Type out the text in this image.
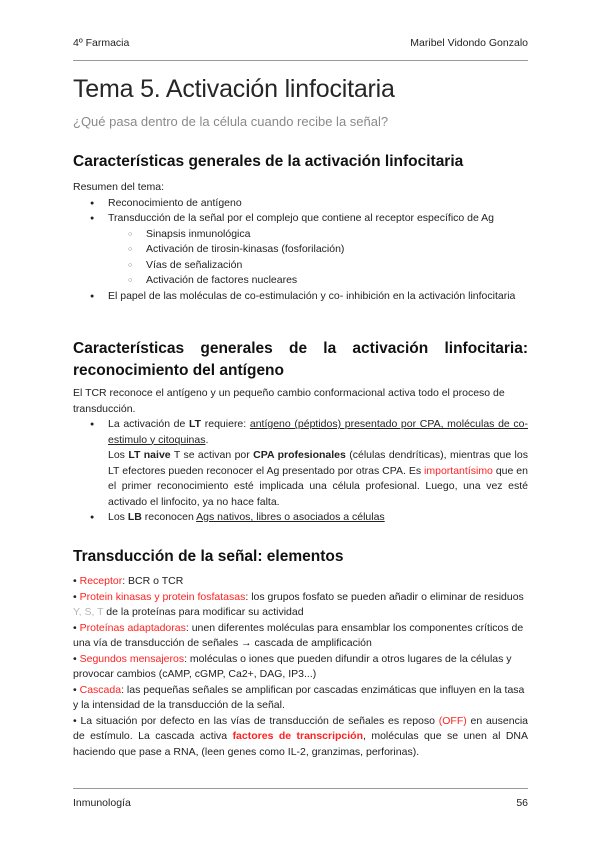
4º Farmacia	Maribel Vidondo Gonzalo
Tema 5. Activación linfocitaria
¿Qué pasa dentro de la célula cuando recibe la señal?
Características generales de la activación linfocitaria
Resumen del tema:
● Reconocimiento de antígeno
● Transducción de la señal por el complejo que contiene al receptor específico de Ag
○ Sinapsis inmunológica
○ Activación de tirosin-kinasas (fosforilación)
○ Vías de señalización
○ Activación de factores nucleares
● El papel de las moléculas de co-estimulación y co- inhibición en la activación linfocitaria
Características generales de la activación linfocitaria: reconocimiento del antígeno
El TCR reconoce el antígeno y un pequeño cambio conformacional activa todo el proceso de transducción.
● La activación de LT requiere: antígeno (péptidos) presentado por CPA, moléculas de co-estimulo y citoquinas.
Los LT naive T se activan por CPA profesionales (células dendríticas), mientras que los LT efectores pueden reconocer el Ag presentado por otras CPA. Es importantísimo que en el primer reconocimiento esté implicada una célula profesional. Luego, una vez esté activado el linfocito, ya no hace falta.
● Los LB reconocen Ags nativos, libres o asociados a células
Transducción de la señal: elementos
• Receptor: BCR o TCR
• Protein kinasas y protein fosfatasas: los grupos fosfato se pueden añadir o eliminar de residuos Y, S, T de la proteínas para modificar su actividad
• Proteínas adaptadoras: unen diferentes moléculas para ensamblar los componentes críticos de una vía de transducción de señales → cascada de amplificación
• Segundos mensajeros: moléculas o iones que pueden difundir a otros lugares de la células y provocar cambios (cAMP, cGMP, Ca2+, DAG, IP3...)
• Cascada: las pequeñas señales se amplifican por cascadas enzimáticas que influyen en la tasa y la intensidad de la transducción de la señal.
• La situación por defecto en las vías de transducción de señales es reposo (OFF) en ausencia de estímulo. La cascada activa factores de transcripción, moléculas que se unen al DNA haciendo que pase a RNA, (leen genes como IL-2, granzimas, perforinas).
Inmunología	56
